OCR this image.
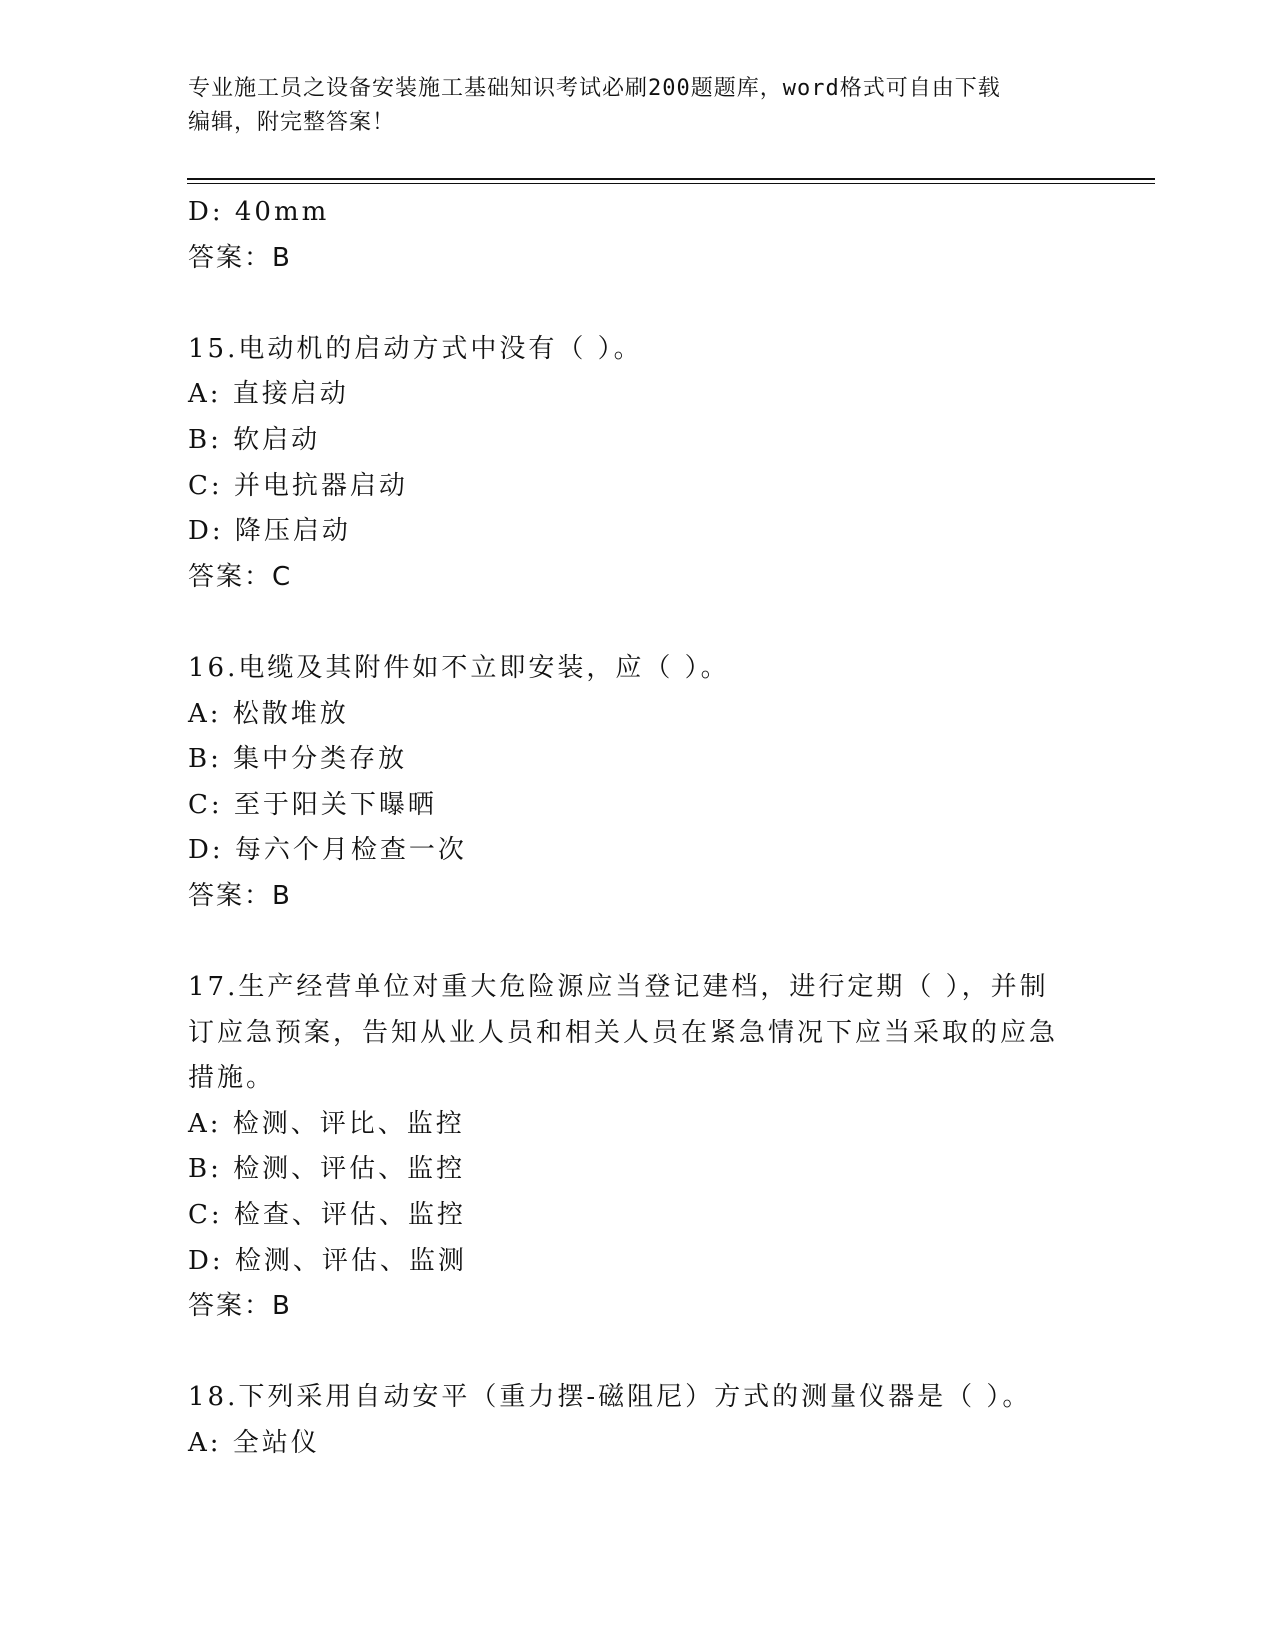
专业施工员之设备安装施工基础知识考试必刷200题题库，word格式可自由下载
编辑，附完整答案！
D: 40mm
答案：B
15.电动机的启动方式中没有（ ）。
A: 直接启动
B: 软启动
C: 并电抗器启动
D: 降压启动
答案：C
16.电缆及其附件如不立即安装，应（ ）。
A: 松散堆放
B: 集中分类存放
C: 至于阳关下曝晒
D: 每六个月检查一次
答案：B
17.生产经营单位对重大危险源应当登记建档，进行定期（ ），并制
订应急预案，告知从业人员和相关人员在紧急情况下应当采取的应急
措施。
A: 检测、评比、监控
B: 检测、评估、监控
C: 检查、评估、监控
D: 检测、评估、监测
答案：B
18.下列采用自动安平（重力摆-磁阻尼）方式的测量仪器是（ ）。
A: 全站仪
